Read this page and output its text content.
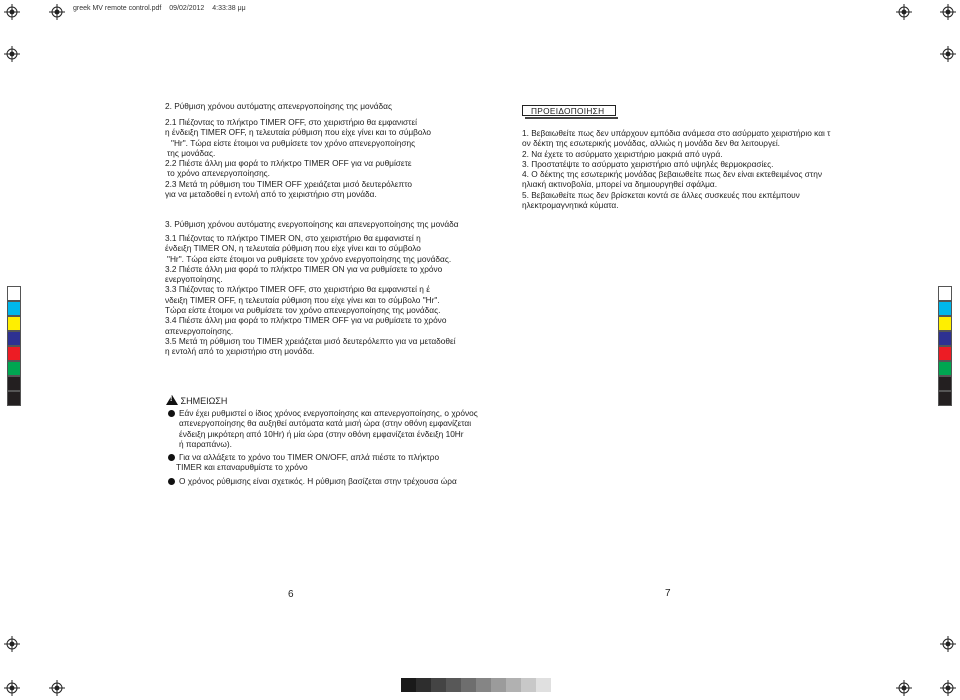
greek MV remote control.pdf 09/02/2012 4:33:38 μμ
2. Ρύθμιση χρόνου αυτόματης απενεργοποίησης της μονάδας

2.1 Πιέζοντας το πλήκτρο TIMER OFF, στο χειριστήριο θα εμφανιστεί

η ένδειξη TIMER OFF, η τελευταία ρύθμιση που είχε γίνει και το σύμβολο

"Hr". Τώρα είστε έτοιμοι να ρυθμίσετε τον χρόνο απενεργοποίησης

της μονάδας.

2.2 Πιέστε άλλη μια φορά το πλήκτρο TIMER OFF για να ρυθμίσετε

το χρόνο απενεργοποίησης.

2.3 Μετά τη ρύθμιση του TIMER OFF χρειάζεται μισό δευτερόλεπτο

για να μεταδοθεί η εντολή από το χειριστήριο στη μονάδα.

3. Ρύθμιση χρόνου αυτόματης ενεργοποίησης και απενεργοποίησης της μονάδα

3.1 Πιέζοντας το πλήκτρο TIMER ON, στο χειριστήριο θα εμφανιστεί η

ένδειξη TIMER ON, η τελευταία ρύθμιση που είχε γίνει και το σύμβολο

"Hr". Τώρα είστε έτοιμοι να ρυθμίσετε τον χρόνο ενεργοποίησης της μονάδας.

3.2 Πιέστε άλλη μια φορά το πλήκτρο TIMER ON για να ρυθμίσετε το χρόνο

ενεργοποίησης.

3.3 Πιέζοντας το πλήκτρο TIMER OFF, στο χειριστήριο θα εμφανιστεί η έ

νδειξη TIMER OFF, η τελευταία ρύθμιση που είχε γίνει και το σύμβολο "Hr".

Τώρα είστε έτοιμοι να ρυθμίσετε τον χρόνο απενεργοποίησης της μονάδας.

3.4 Πιέστε άλλη μια φορά το πλήκτρο TIMER OFF για να ρυθμίσετε το χρόνο

απενεργοποίησης.

3.5 Μετά τη ρύθμιση του TIMER χρειάζεται μισό δευτερόλεπτο για να μεταδοθεί

η εντολή από το χειριστήριο στη μονάδα.

! ΣΗΜΕΙΩΣΗ
Εάν έχει ρυθμιστεί ο ίδιος χρόνος ενεργοποίησης και απενεργοποίησης, ο χρόνος
απενεργοποίησης θα αυξηθεί αυτόματα κατά μισή ώρα (στην οθόνη εμφανίζεται
ένδειξη μικρότερη από 10Hr) ή μία ώρα (στην οθόνη εμφανίζεται ένδειξη 10Hr
ή παραπάνω).
Για να αλλάξετε το χρόνο του TIMER ON/OFF, απλά πιέστε το πλήκτρο
TIMER και επαναρυθμίστε το χρόνο
Ο χρόνος ρύθμισης είναι σχετικός. Η ρύθμιση βασίζεται στην τρέχουσα ώρα
ΠΡΟΕΙΔΟΠΟΙΗΣΗ

1. Βεβαιωθείτε πως δεν υπάρχουν εμπόδια ανάμεσα στο ασύρματο χειριστήριο και τ

ον δέκτη της εσωτερικής μονάδας, αλλιώς η μονάδα δεν θα λειτουργεί.

2. Να έχετε το ασύρματο χειριστήριο μακριά από υγρά.

3. Προστατέψτε το ασύρματο χειριστήριο από υψηλές θερμοκρασίες.

4. Ο δέκτης της εσωτερικής μονάδας βεβαιωθείτε πως δεν είναι εκτεθειμένος στην

ηλιακή ακτινοβολία, μπορεί να δημιουργηθεί σφάλμα.

5. Βεβαιωθείτε πως δεν βρίσκεται κοντά σε άλλες συσκευές που εκπέμπουν

ηλεκτρομαγνητικά κύματα.

6	7
